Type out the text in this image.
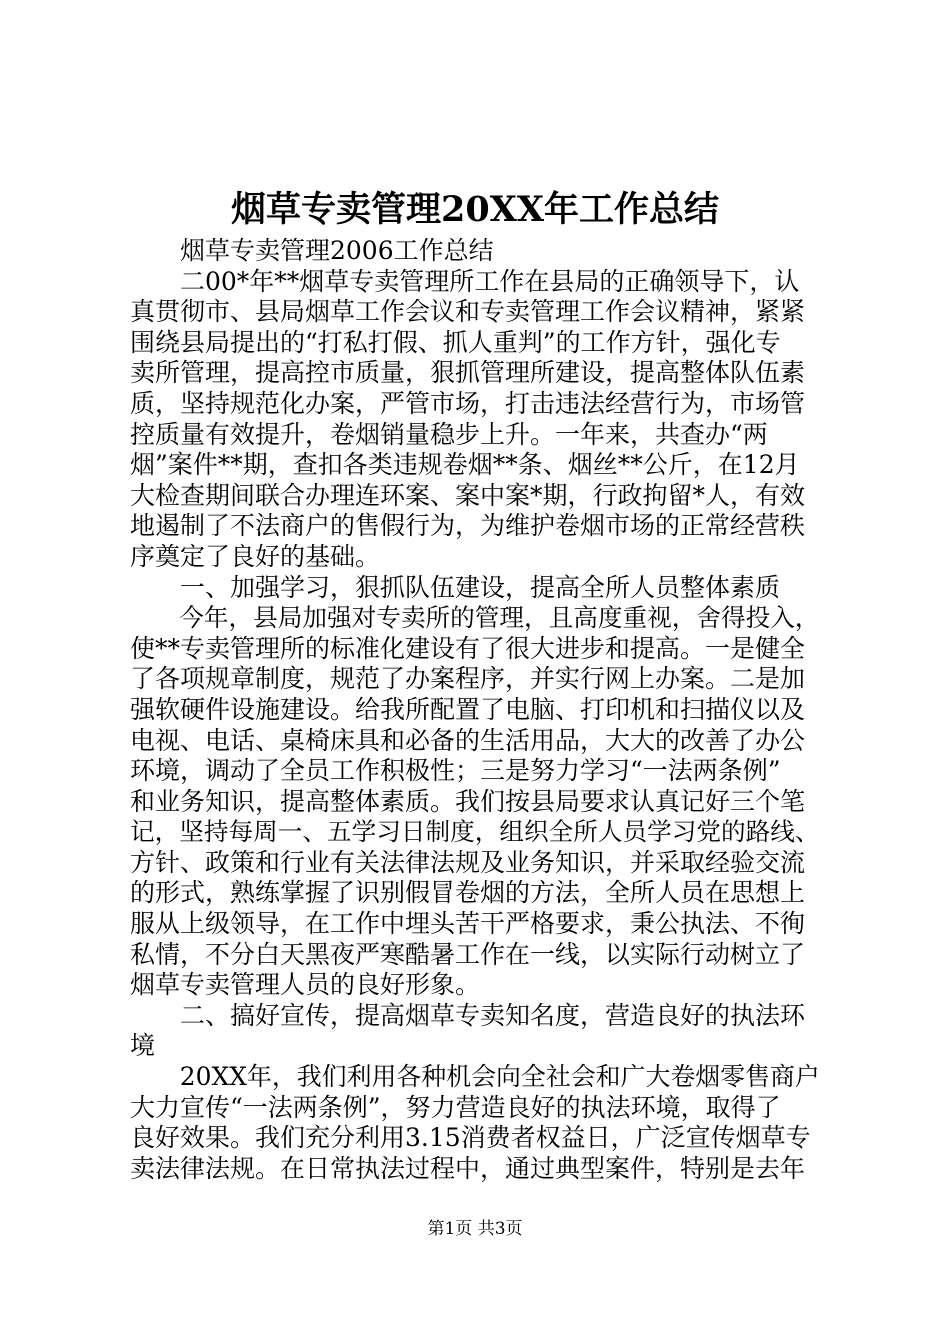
烟草专卖管理20XX年工作总结
　　烟草专卖管理2006工作总结
　　二00*年**烟草专卖管理所工作在县局的正确领导下，认
真贯彻市、县局烟草工作会议和专卖管理工作会议精神，紧紧
围绕县局提出的“打私打假、抓人重判”的工作方针，强化专
卖所管理，提高控市质量，狠抓管理所建设，提高整体队伍素
质，坚持规范化办案，严管市场，打击违法经营行为，市场管
控质量有效提升，卷烟销量稳步上升。一年来，共查办“两
烟”案件**期，查扣各类违规卷烟**条、烟丝**公斤，在12月
大检查期间联合办理连环案、案中案*期，行政拘留*人，有效
地遏制了不法商户的售假行为，为维护卷烟市场的正常经营秩
序奠定了良好的基础。
　　一、加强学习，狠抓队伍建设，提高全所人员整体素质
　　今年，县局加强对专卖所的管理，且高度重视，舍得投入，
使**专卖管理所的标准化建设有了很大进步和提高。一是健全
了各项规章制度，规范了办案程序，并实行网上办案。二是加
强软硬件设施建设。给我所配置了电脑、打印机和扫描仪以及
电视、电话、桌椅床具和必备的生活用品，大大的改善了办公
环境，调动了全员工作积极性；三是努力学习“一法两条例”
和业务知识，提高整体素质。我们按县局要求认真记好三个笔
记，坚持每周一、五学习日制度，组织全所人员学习党的路线、
方针、政策和行业有关法律法规及业务知识，并采取经验交流
的形式，熟练掌握了识别假冒卷烟的方法，全所人员在思想上
服从上级领导，在工作中埋头苦干严格要求，秉公执法、不徇
私情，不分白天黑夜严寒酷暑工作在一线，以实际行动树立了
烟草专卖管理人员的良好形象。
　　二、搞好宣传，提高烟草专卖知名度，营造良好的执法环
境
　　20XX年，我们利用各种机会向全社会和广大卷烟零售商户
大力宣传“一法两条例”，努力营造良好的执法环境，取得了
良好效果。我们充分利用3.15消费者权益日，广泛宣传烟草专
卖法律法规。在日常执法过程中，通过典型案件，特别是去年
第1页 共3页
